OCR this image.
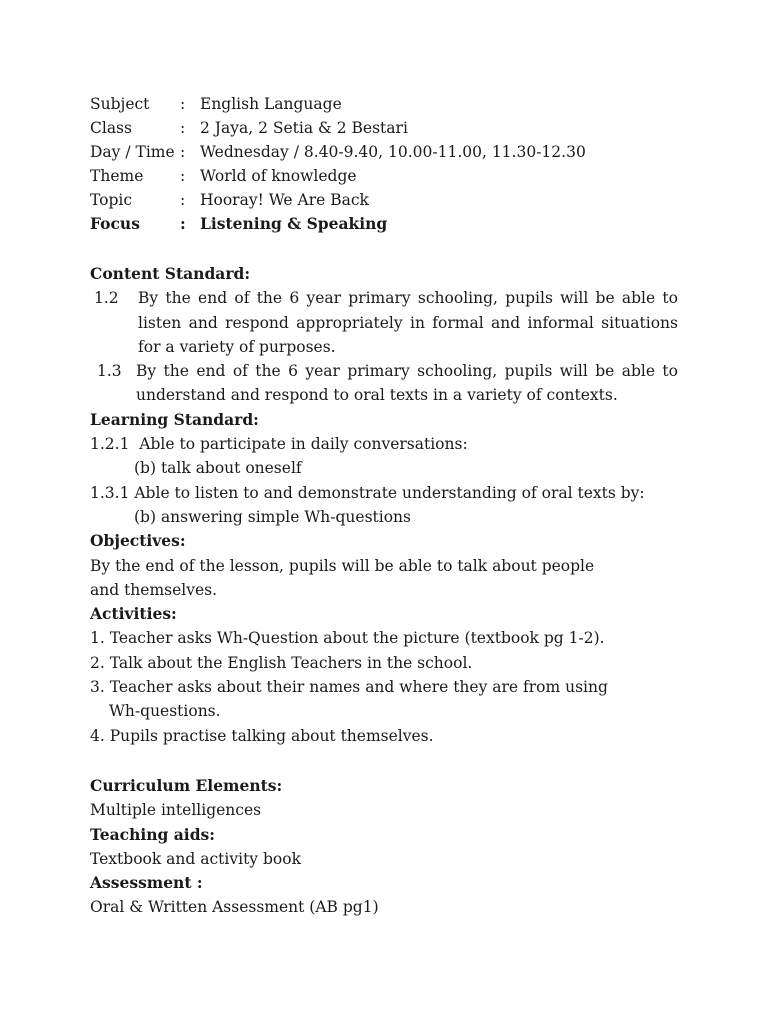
Subject	: English Language
Class	: 2 Jaya, 2 Setia & 2 Bestari
Day / Time : Wednesday / 8.40-9.40, 10.00-11.00, 11.30-12.30
Theme	: World of knowledge
Topic	: Hooray! We Are Back
Focus	: Listening & Speaking
Content Standard:
1.2	By the end of the 6 year primary schooling, pupils will be able to listen and respond appropriately in formal and informal situations for a variety of purposes.
1.3 By the end of the 6 year primary schooling, pupils will be able to understand and respond to oral texts in a variety of contexts.
Learning Standard:
1.2.1  Able to participate in daily conversations:
(b) talk about oneself
1.3.1 Able to listen to and demonstrate understanding of oral texts by:
(b) answering simple Wh-questions
Objectives:
By the end of the lesson, pupils will be able to talk about people
and themselves.
Activities:
1. Teacher asks Wh-Question about the picture (textbook pg 1-2).
2. Talk about the English Teachers in the school.
3. Teacher asks about their names and where they are from using
Wh-questions.
4. Pupils practise talking about themselves.
Curriculum Elements:
Multiple intelligences
Teaching aids:
Textbook and activity book
Assessment :
Oral & Written Assessment (AB pg1)
